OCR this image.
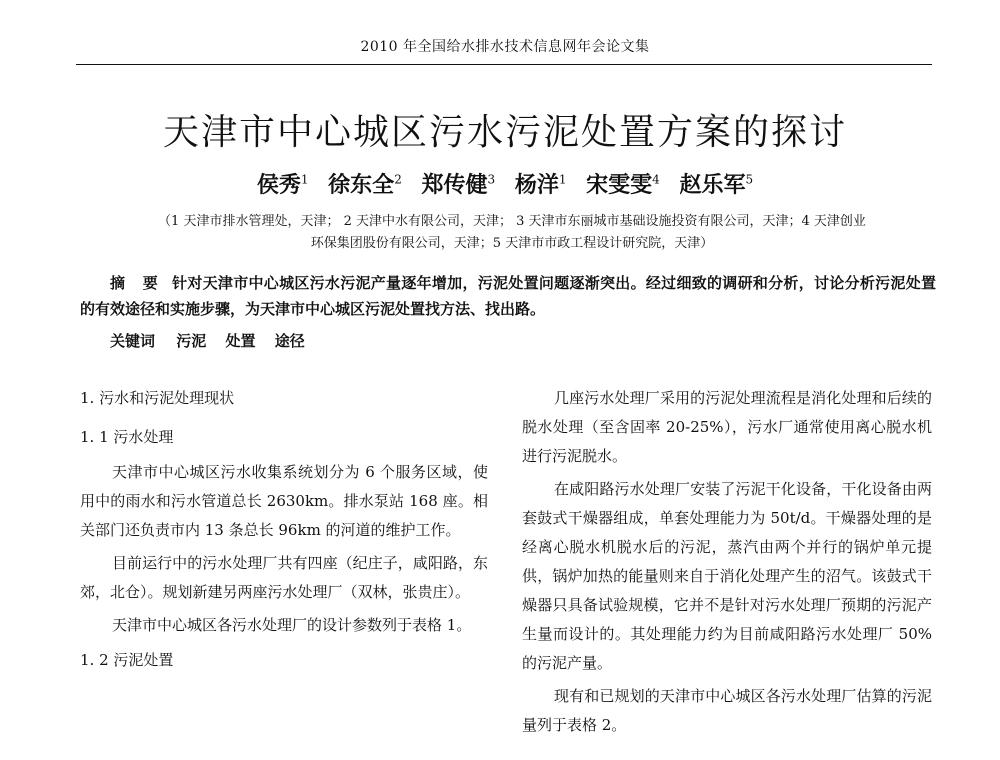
2010 年全国给水排水技术信息网年会论文集
天津市中心城区污水污泥处置方案的探讨
侯秀$^1$ 徐东全$^2$ 郑传健$^3$ 杨洋$^1$ 宋雯雯$^4$ 赵乐军$^5$
（1 天津市排水管理处，天津； 2 天津中水有限公司，天津； 3 天津市东丽城市基础设施投资有限公司，天津；4 天津创业
环保集团股份有限公司，天津；5 天津市市政工程设计研究院，天津）
摘 要 针对天津市中心城区污水污泥产量逐年增加，污泥处置问题逐渐突出。经过细致的调研和分析，讨论分析污泥处置的有效途径和实施步骤，为天津市中心城区污泥处置找方法、找出路。
关键词 污泥 处置 途径
1. 污水和污泥处理现状
1. 1 污水处理

天津市中心城区污水收集系统划分为 6 个服务区域，使用中的雨水和污水管道总长 2630km。排水泵站 168 座。相关部门还负责市内 13 条总长 96km 的河道的维护工作。

目前运行中的污水处理厂共有四座（纪庄子，咸阳路，东郊，北仓）。规划新建另两座污水处理厂（双林，张贵庄）。

天津市中心城区各污水处理厂的设计参数列于表格 1。

1. 2 污泥处置

几座污水处理厂采用的污泥处理流程是消化处理和后续的脱水处理（至含固率 20-25%），污水厂通常使用离心脱水机进行污泥脱水。

在咸阳路污水处理厂安装了污泥干化设备，干化设备由两套鼓式干燥器组成，单套处理能力为 50t/d。干燥器处理的是经离心脱水机脱水后的污泥，蒸汽由两个并行的锅炉单元提供，锅炉加热的能量则来自于消化处理产生的沼气。该鼓式干燥器只具备试验规模，它并不是针对污水处理厂预期的污泥产生量而设计的。其处理能力约为目前咸阳路污水处理厂 50%的污泥产量。

现有和已规划的天津市中心城区各污水处理厂估算的污泥量列于表格 2。
